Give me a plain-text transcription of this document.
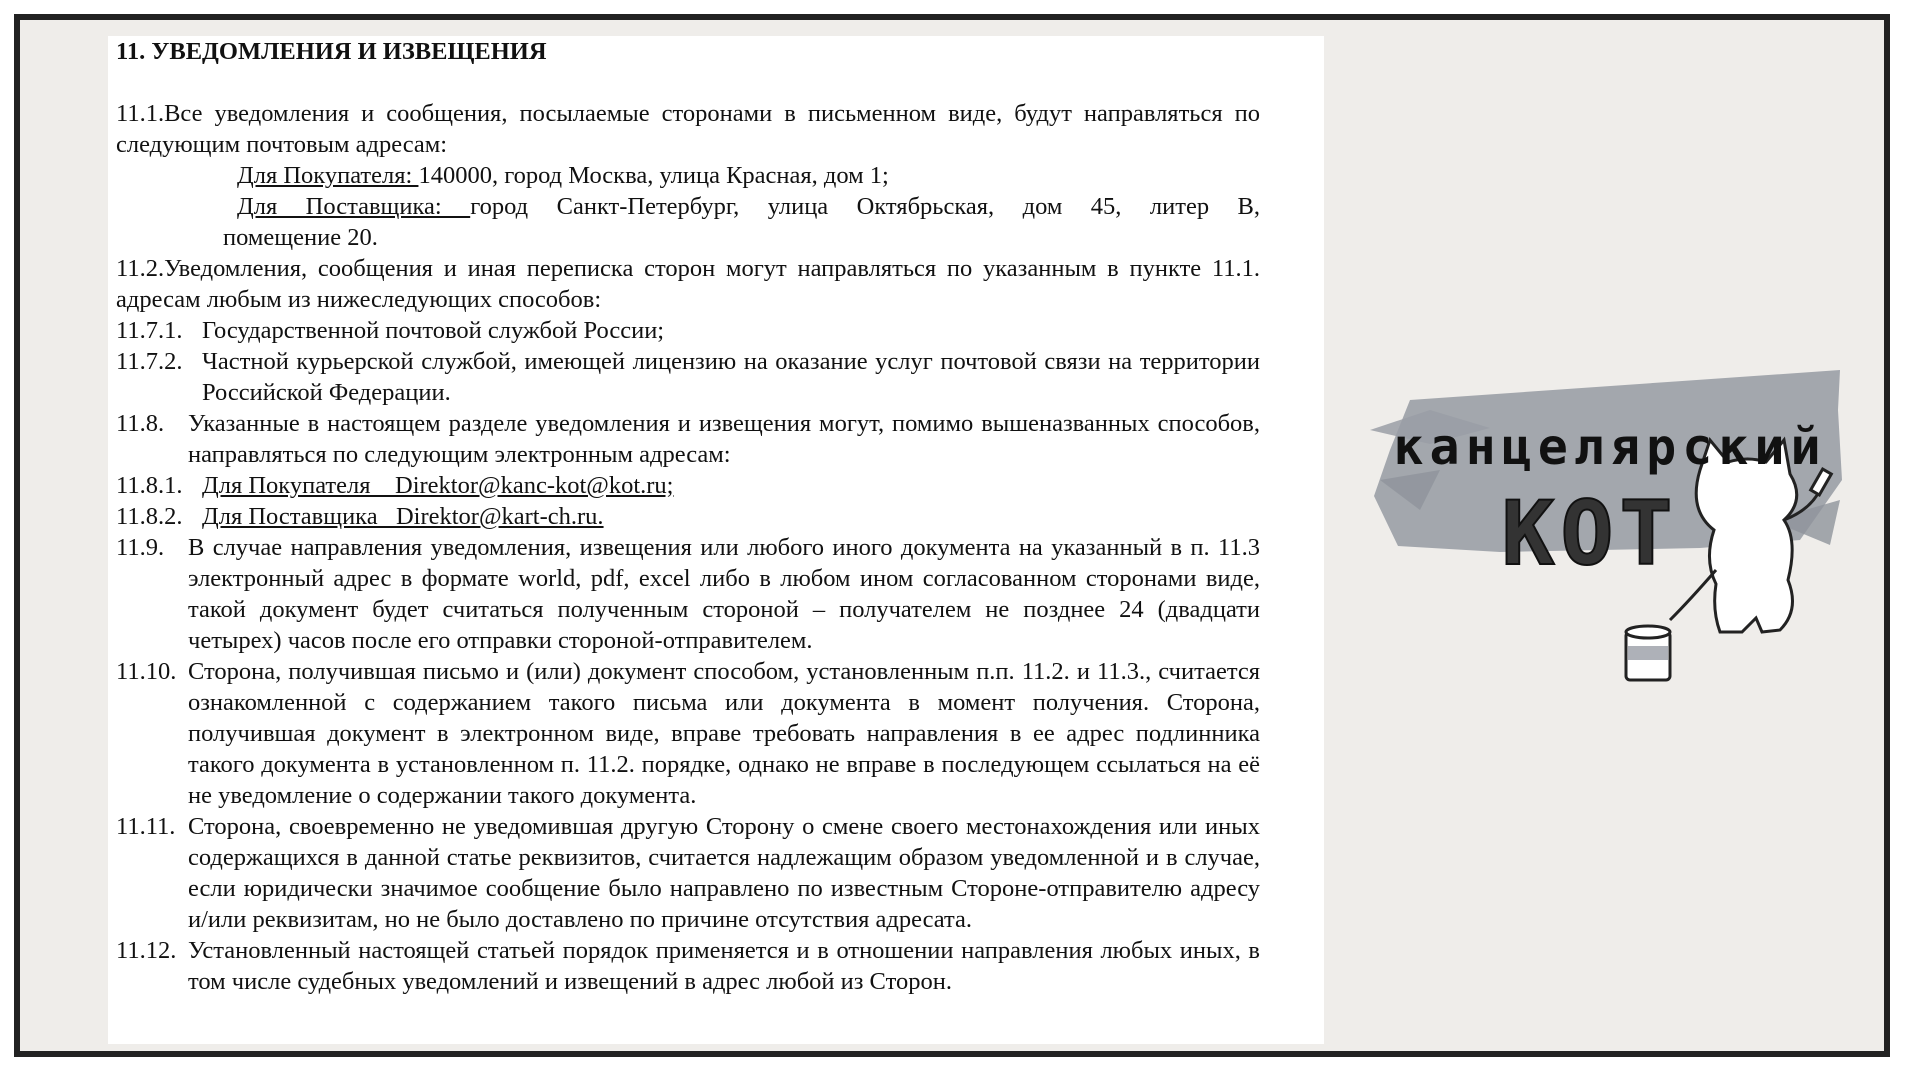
11. УВЕДОМЛЕНИЯ И ИЗВЕЩЕНИЯ
11.1.Все уведомления и сообщения, посылаемые сторонами в письменном виде, будут направляться по следующим почтовым адресам:
Для Покупателя: 140000, город Москва, улица Красная, дом 1;
Для Поставщика: город Санкт-Петербург, улица Октябрьская, дом 45, литер В,
помещение 20.
11.2.Уведомления, сообщения и иная переписка сторон могут направляться по указанным в пункте 11.1. адресам любым из нижеследующих способов:
11.7.1. Государственной почтовой службой России;
11.7.2. Частной курьерской службой, имеющей лицензию на оказание услуг почтовой связи на территории Российской Федерации.
11.8. Указанные в настоящем разделе уведомления и извещения могут, помимо вышеназванных способов, направляться по следующим электронным адресам:
11.8.1. Для Покупателя    Direktor@kanc-kot@kot.ru;
11.8.2. Для Поставщика   Direktor@kart-ch.ru.
11.9. В случае направления уведомления, извещения или любого иного документа на указанный в п. 11.3 электронный адрес в формате world, pdf, excel либо в любом ином согласованном сторонами виде, такой документ будет считаться полученным стороной – получателем не позднее 24 (двадцати четырех) часов после его отправки стороной-отправителем.
11.10. Сторона, получившая письмо и (или) документ способом, установленным п.п. 11.2. и 11.3., считается ознакомленной с содержанием такого письма или документа в момент получения. Сторона, получившая документ в электронном виде, вправе требовать направления в ее адрес подлинника такого документа в установленном п. 11.2. порядке, однако не вправе в последующем ссылаться на её не уведомление о содержании такого документа.
11.11. Сторона, своевременно не уведомившая другую Сторону о смене своего местонахождения или иных содержащихся в данной статье реквизитов, считается надлежащим образом уведомленной и в случае, если юридически значимое сообщение было направлено по известным Стороне-отправителю адресу и/или реквизитам, но не было доставлено по причине отсутствия адресата.
11.12. Установленный настоящей статьей порядок применяется и в отношении направления любых иных, в том числе судебных уведомлений и извещений в адрес любой из Сторон.
канцелярский
КОТ
